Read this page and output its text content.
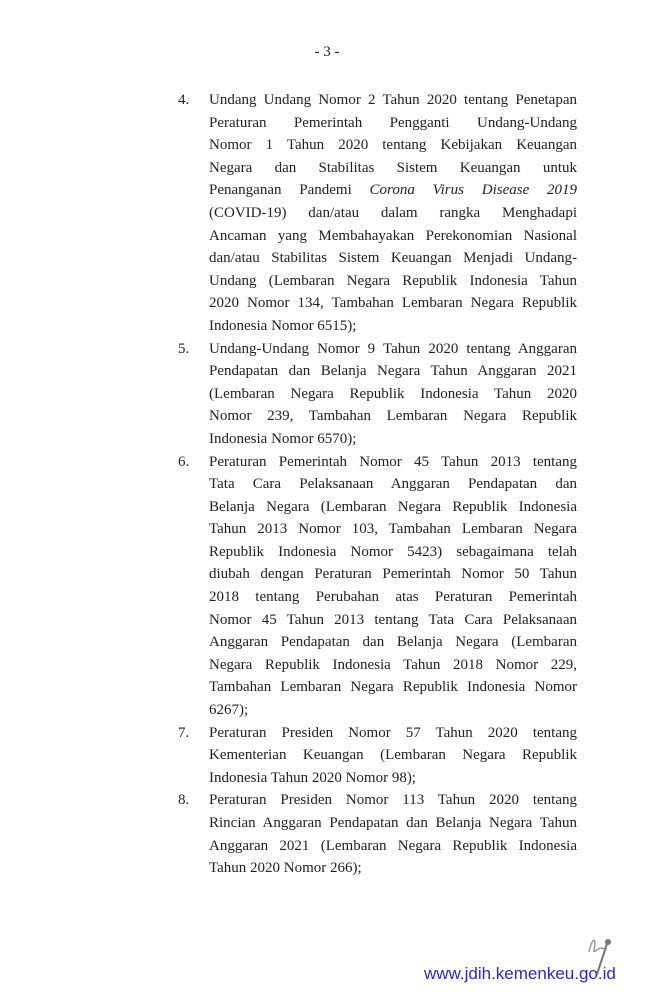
- 3 -
4. Undang Undang Nomor 2 Tahun 2020 tentang Penetapan
Peraturan Pemerintah Pengganti Undang-Undang
Nomor 1 Tahun 2020 tentang Kebijakan Keuangan
Negara dan Stabilitas Sistem Keuangan untuk
Penanganan Pandemi Corona Virus Disease 2019
(COVID-19) dan/atau dalam rangka Menghadapi
Ancaman yang Membahayakan Perekonomian Nasional
dan/atau Stabilitas Sistem Keuangan Menjadi Undang-
Undang (Lembaran Negara Republik Indonesia Tahun
2020 Nomor 134, Tambahan Lembaran Negara Republik
Indonesia Nomor 6515);
5. Undang-Undang Nomor 9 Tahun 2020 tentang Anggaran
Pendapatan dan Belanja Negara Tahun Anggaran 2021
(Lembaran Negara Republik Indonesia Tahun 2020
Nomor 239, Tambahan Lembaran Negara Republik
Indonesia Nomor 6570);
6. Peraturan Pemerintah Nomor 45 Tahun 2013 tentang
Tata Cara Pelaksanaan Anggaran Pendapatan dan
Belanja Negara (Lembaran Negara Republik Indonesia
Tahun 2013 Nomor 103, Tambahan Lembaran Negara
Republik Indonesia Nomor 5423) sebagaimana telah
diubah dengan Peraturan Pemerintah Nomor 50 Tahun
2018 tentang Perubahan atas Peraturan Pemerintah
Nomor 45 Tahun 2013 tentang Tata Cara Pelaksanaan
Anggaran Pendapatan dan Belanja Negara (Lembaran
Negara Republik Indonesia Tahun 2018 Nomor 229,
Tambahan Lembaran Negara Republik Indonesia Nomor
6267);
7. Peraturan Presiden Nomor 57 Tahun 2020 tentang
Kementerian Keuangan (Lembaran Negara Republik
Indonesia Tahun 2020 Nomor 98);
8. Peraturan Presiden Nomor 113 Tahun 2020 tentang
Rincian Anggaran Pendapatan dan Belanja Negara Tahun
Anggaran 2021 (Lembaran Negara Republik Indonesia
Tahun 2020 Nomor 266);
www.jdih.kemenkeu.go.id
